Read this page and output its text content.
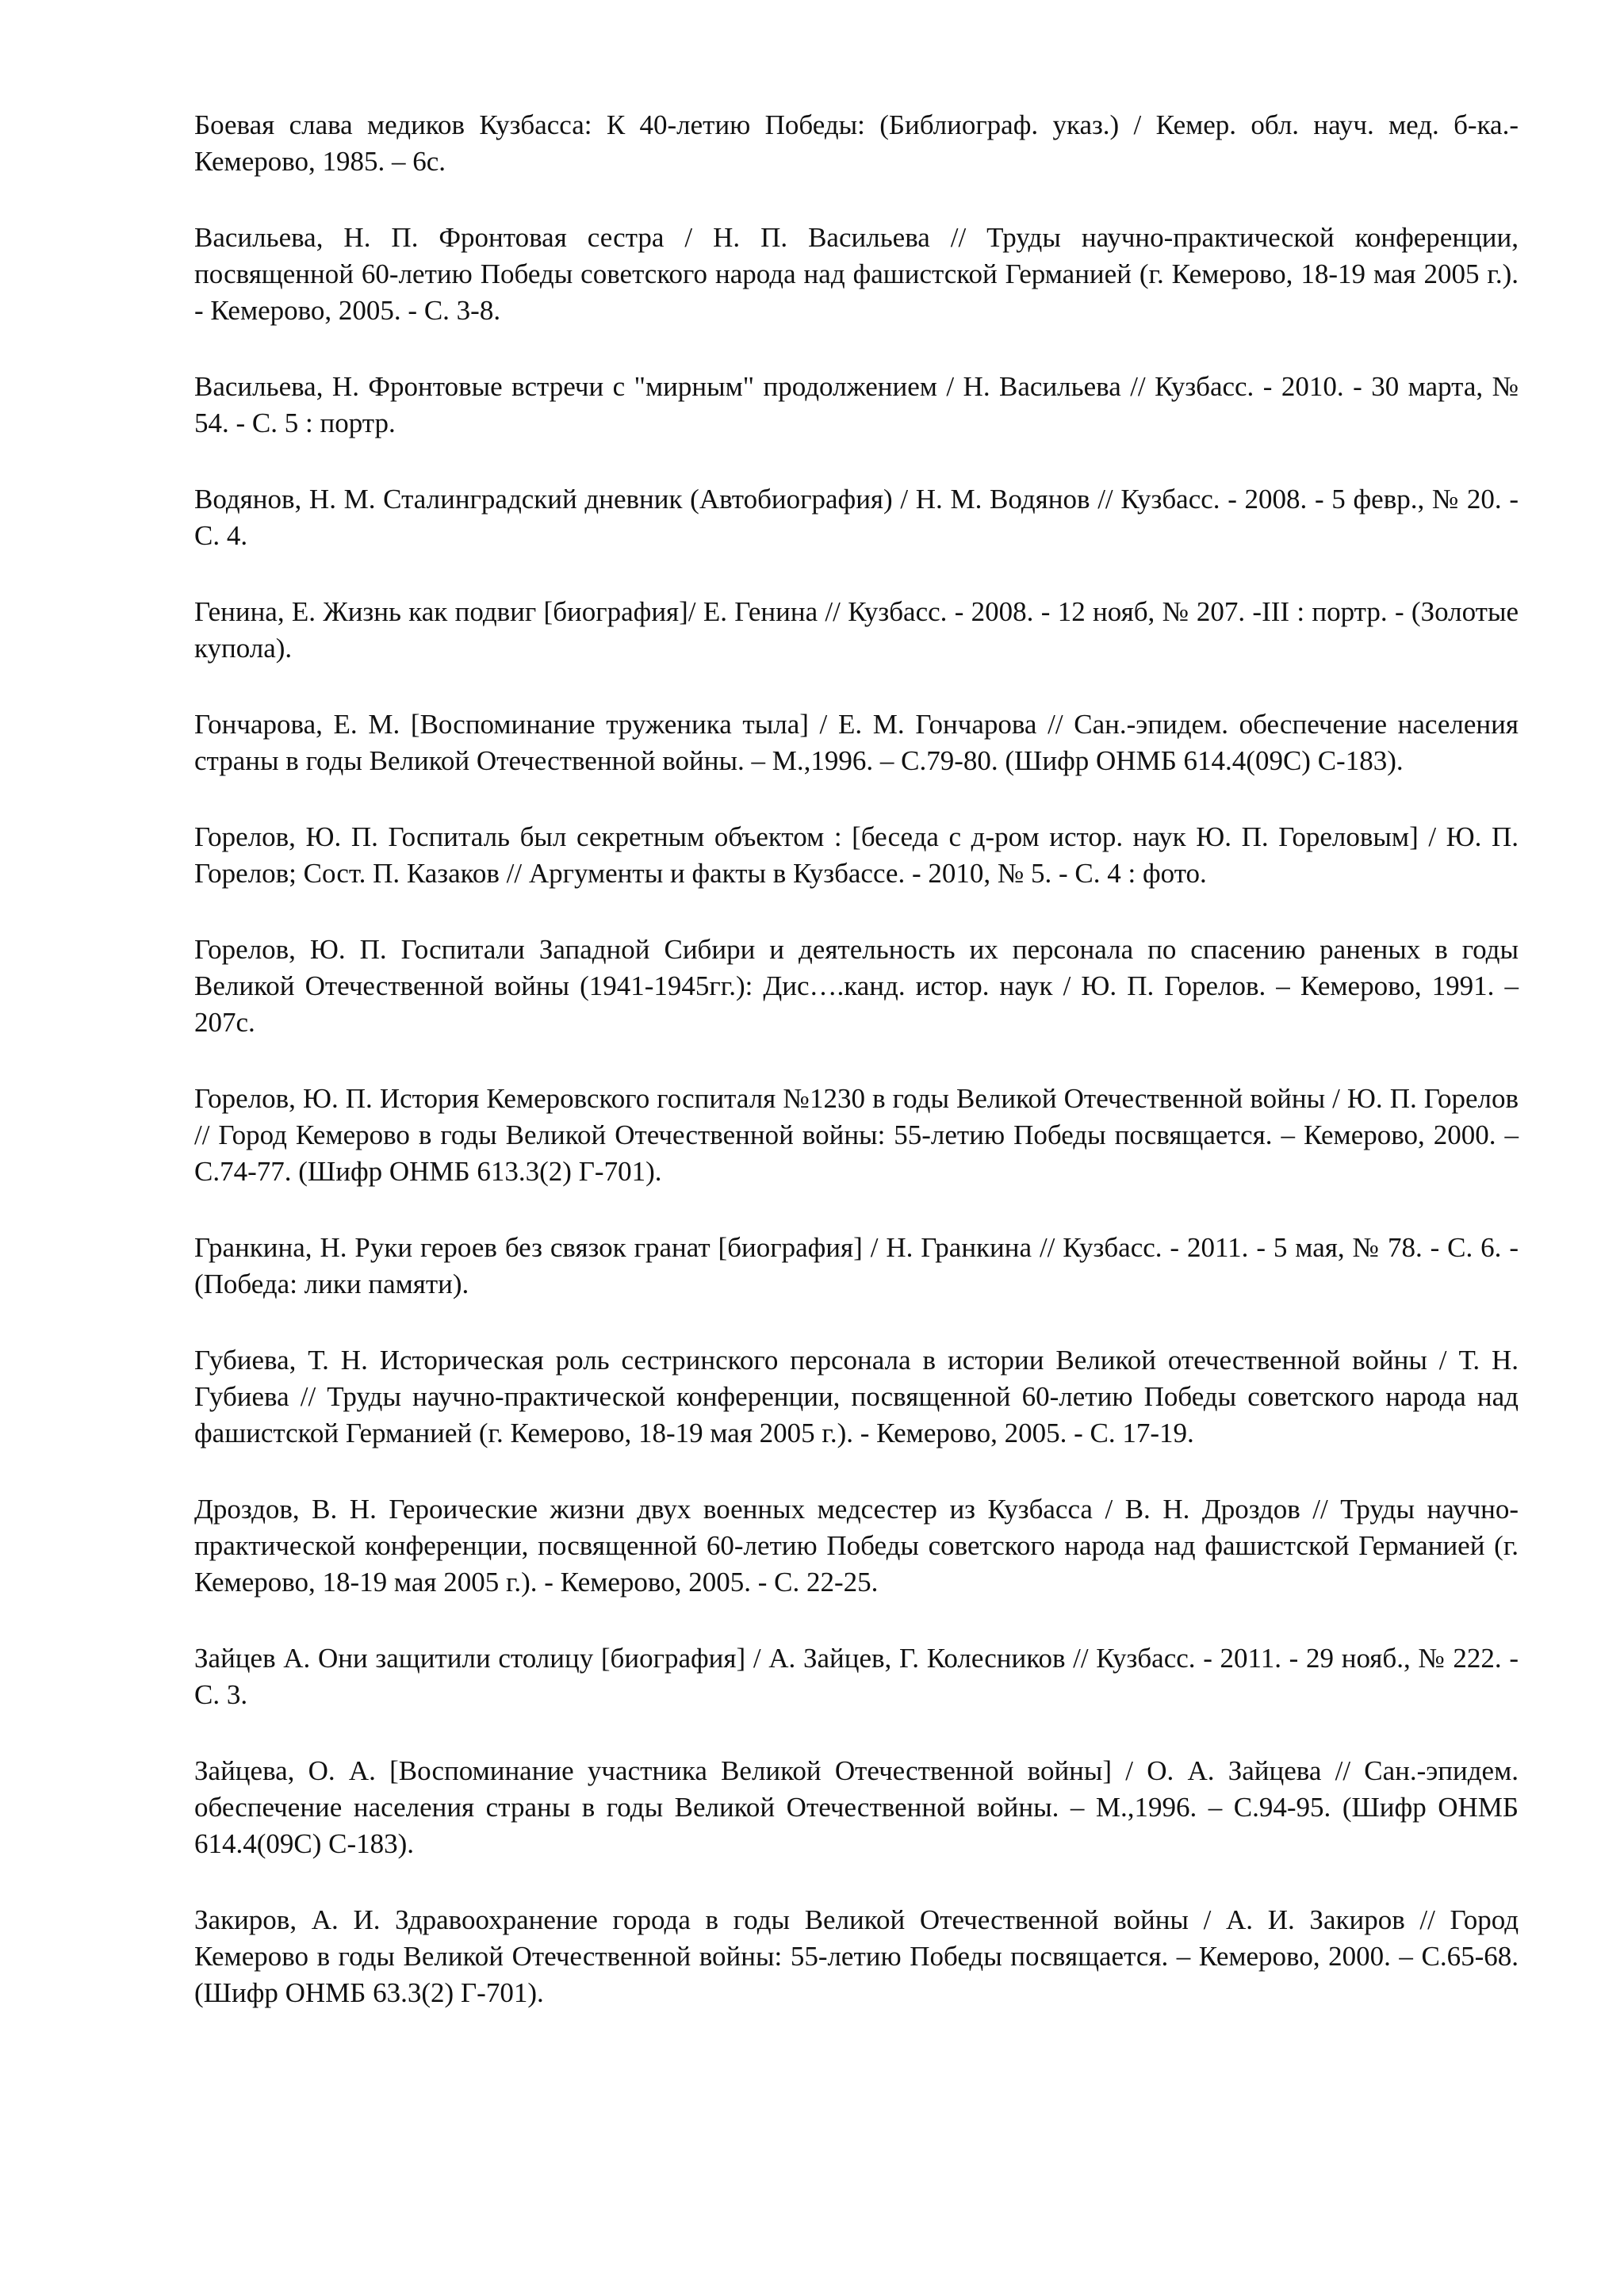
Боевая слава медиков Кузбасса: К 40-летию Победы: (Библиограф. указ.) / Кемер. обл. науч. мед. б-ка.- Кемерово, 1985. – 6с.

Васильева, Н. П. Фронтовая сестра / Н. П. Васильева // Труды научно-практической конференции, посвященной 60-летию Победы советского народа над фашистской Германией (г. Кемерово, 18-19 мая 2005 г.). - Кемерово, 2005. - С. 3-8.

Васильева, Н. Фронтовые встречи с "мирным" продолжением / Н. Васильева // Кузбасс. - 2010. - 30 марта, № 54. - С. 5 : портр.

Водянов, Н. М. Сталинградский дневник (Автобиография) / Н. М. Водянов // Кузбасс. - 2008. - 5 февр., № 20. - С. 4.

Генина, Е. Жизнь как подвиг [биография]/ Е. Генина // Кузбасс. - 2008. - 12 нояб, № 207. -III : портр. - (Золотые купола).

Гончарова, Е. М. [Воспоминание труженика тыла] / Е. М. Гончарова // Сан.-эпидем. обеспечение населения страны в годы Великой Отечественной войны. – М.,1996. – С.79-80. (Шифр ОНМБ 614.4(09С) С-183).

Горелов, Ю. П. Госпиталь был секретным объектом : [беседа с д-ром истор. наук Ю. П. Гореловым] / Ю. П. Горелов; Сост. П. Казаков // Аргументы и факты в Кузбассе. - 2010, № 5. - С. 4 : фото.

Горелов, Ю. П. Госпитали Западной Сибири и деятельность их персонала по спасению раненых в годы Великой Отечественной войны (1941-1945гг.): Дис….канд. истор. наук / Ю. П. Горелов. – Кемерово, 1991. – 207с.

Горелов, Ю. П. История Кемеровского госпиталя №1230 в годы Великой Отечественной войны / Ю. П. Горелов // Город Кемерово в годы Великой Отечественной войны: 55-летию Победы посвящается. – Кемерово, 2000. – С.74-77. (Шифр ОНМБ 613.3(2) Г-701).

Гранкина, Н. Руки героев без связок гранат [биография] / Н. Гранкина // Кузбасс. - 2011. - 5 мая, № 78. - С. 6. - (Победа: лики памяти).

Губиева, Т. Н. Историческая роль сестринского персонала в истории Великой отечественной войны / Т. Н. Губиева // Труды научно-практической конференции, посвященной 60-летию Победы советского народа над фашистской Германией (г. Кемерово, 18-19 мая 2005 г.). - Кемерово, 2005. - С. 17-19.

Дроздов, В. Н. Героические жизни двух военных медсестер из Кузбасса / В. Н. Дроздов // Труды научно-практической конференции, посвященной 60-летию Победы советского народа над фашистской Германией (г. Кемерово, 18-19 мая 2005 г.). - Кемерово, 2005. - С. 22-25.

Зайцев А. Они защитили столицу [биография] / А. Зайцев, Г. Колесников // Кузбасс. - 2011. - 29 нояб., № 222. - С. 3.

Зайцева, О. А. [Воспоминание участника Великой Отечественной войны] / О. А. Зайцева // Сан.-эпидем. обеспечение населения страны в годы Великой Отечественной войны. – М.,1996. – С.94-95. (Шифр ОНМБ 614.4(09С) С-183).

Закиров, А. И. Здравоохранение города в годы Великой Отечественной войны / А. И. Закиров // Город Кемерово в годы Великой Отечественной войны: 55-летию Победы посвящается. – Кемерово, 2000. – С.65-68. (Шифр ОНМБ 63.3(2) Г-701).
